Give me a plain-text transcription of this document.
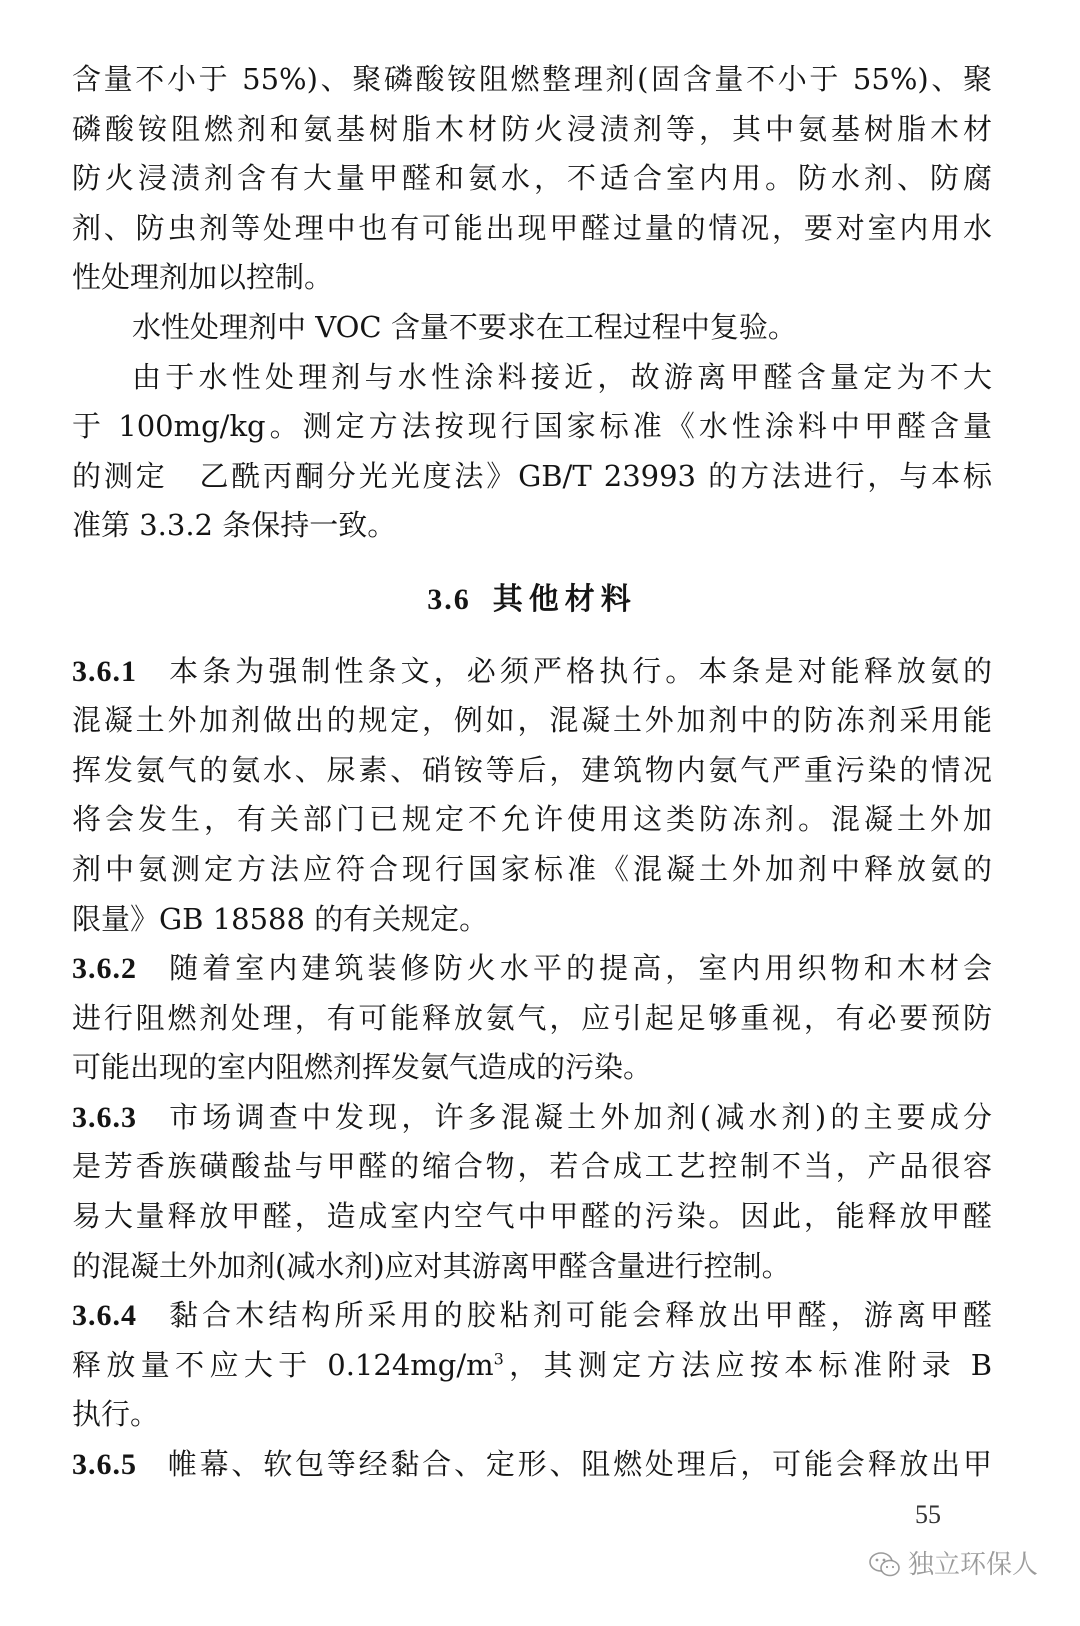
含量不小于 55%)、聚磷酸铵阻燃整理剂(固含量不小于 55%)、聚
磷酸铵阻燃剂和氨基树脂木材防火浸渍剂等，其中氨基树脂木材
防火浸渍剂含有大量甲醛和氨水，不适合室内用。防水剂、防腐
剂、防虫剂等处理中也有可能出现甲醛过量的情况，要对室内用水
性处理剂加以控制。
水性处理剂中 VOC 含量不要求在工程过程中复验。
由于水性处理剂与水性涂料接近，故游离甲醛含量定为不大
于 100mg/kg。测定方法按现行国家标准《水性涂料中甲醛含量
的测定　乙酰丙酮分光光度法》GB/T 23993 的方法进行，与本标
准第 3.3.2 条保持一致。
3.6 其他材料
3.6.1 本条为强制性条文，必须严格执行。本条是对能释放氨的
混凝土外加剂做出的规定，例如，混凝土外加剂中的防冻剂采用能
挥发氨气的氨水、尿素、硝铵等后，建筑物内氨气严重污染的情况
将会发生，有关部门已规定不允许使用这类防冻剂。混凝土外加
剂中氨测定方法应符合现行国家标准《混凝土外加剂中释放氨的
限量》GB 18588 的有关规定。
3.6.2 随着室内建筑装修防火水平的提高，室内用织物和木材会
进行阻燃剂处理，有可能释放氨气，应引起足够重视，有必要预防
可能出现的室内阻燃剂挥发氨气造成的污染。
3.6.3 市场调查中发现，许多混凝土外加剂(减水剂)的主要成分
是芳香族磺酸盐与甲醛的缩合物，若合成工艺控制不当，产品很容
易大量释放甲醛，造成室内空气中甲醛的污染。因此，能释放甲醛
的混凝土外加剂(减水剂)应对其游离甲醛含量进行控制。
3.6.4 黏合木结构所采用的胶粘剂可能会释放出甲醛，游离甲醛
释放量不应大于 $0.124mg/m^3$，其测定方法应按本标准附录 B
执行。
3.6.5 帷幕、软包等经黏合、定形、阻燃处理后，可能会释放出甲
55
独立环保人
